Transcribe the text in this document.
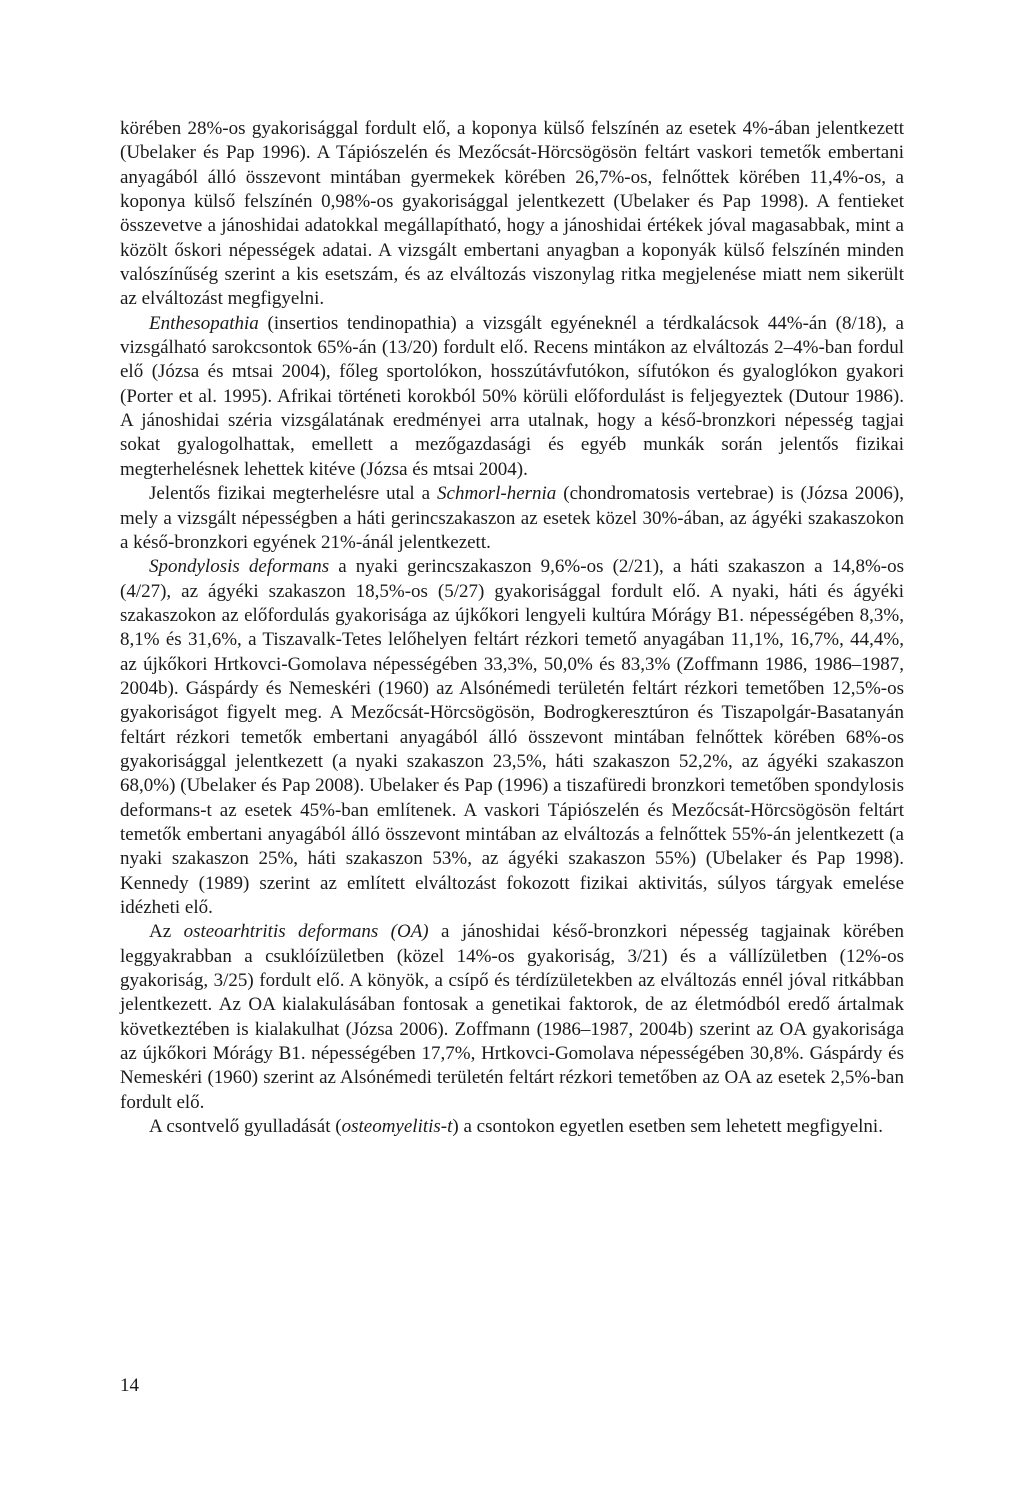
körében 28%-os gyakorisággal fordult elő, a koponya külső felszínén az esetek 4%-ában jelentkezett (Ubelaker és Pap 1996). A Tápiószelén és Mezőcsát-Hörcsögösön feltárt vaskori temetők embertani anyagából álló összevont mintában gyermekek körében 26,7%-os, felnőttek körében 11,4%-os, a koponya külső felszínén 0,98%-os gyakorisággal jelentkezett (Ubelaker és Pap 1998). A fentieket összevetve a jánoshidai adatokkal megállapítható, hogy a jánoshidai értékek jóval magasabbak, mint a közölt őskori népességek adatai. A vizsgált embertani anyagban a koponyák külső felszínén minden valószínűség szerint a kis esetszám, és az elváltozás viszonylag ritka megjelenése miatt nem sikerült az elváltozást megfigyelni.

Enthesopathia (insertios tendinopathia) a vizsgált egyéneknél a térdkalácsok 44%-án (8/18), a vizsgálható sarokcsontok 65%-án (13/20) fordult elő. Recens mintákon az elváltozás 2–4%-ban fordul elő (Józsa és mtsai 2004), főleg sportolókon, hosszútávfutókon, sífutókon és gyaloglókon gyakori (Porter et al. 1995). Afrikai történeti korokból 50% körüli előfordulást is feljegyeztek (Dutour 1986). A jánoshidai széria vizsgálatának eredményei arra utalnak, hogy a késő-bronzkori népesség tagjai sokat gyalogolhattak, emellett a mezőgazdasági és egyéb munkák során jelentős fizikai megterhelésnek lehettek kitéve (Józsa és mtsai 2004).

Jelentős fizikai megterhelésre utal a Schmorl-hernia (chondromatosis vertebrae) is (Józsa 2006), mely a vizsgált népességben a háti gerincszakaszon az esetek közel 30%-ában, az ágyéki szakaszokon a késő-bronzkori egyének 21%-ánál jelentkezett.

Spondylosis deformans a nyaki gerincszakaszon 9,6%-os (2/21), a háti szakaszon a 14,8%-os (4/27), az ágyéki szakaszon 18,5%-os (5/27) gyakorisággal fordult elő. A nyaki, háti és ágyéki szakaszokon az előfordulás gyakorisága az újkőkori lengyeli kultúra Mórágy B1. népességében 8,3%, 8,1% és 31,6%, a Tiszavalk-Tetes lelőhelyen feltárt rézkori temető anyagában 11,1%, 16,7%, 44,4%, az újkőkori Hrtkovci-Gomolava népességében 33,3%, 50,0% és 83,3% (Zoffmann 1986, 1986–1987, 2004b). Gáspárdy és Nemeskéri (1960) az Alsónémedi területén feltárt rézkori temetőben 12,5%-os gyakoriságot figyelt meg. A Mezőcsát-Hörcsögösön, Bodrogkeresztúron és Tiszapolgár-Basatanyán feltárt rézkori temetők embertani anyagából álló összevont mintában felnőttek körében 68%-os gyakorisággal jelentkezett (a nyaki szakaszon 23,5%, háti szakaszon 52,2%, az ágyéki szakaszon 68,0%) (Ubelaker és Pap 2008). Ubelaker és Pap (1996) a tiszafüredi bronzkori temetőben spondylosis deformans-t az esetek 45%-ban említenek. A vaskori Tápiószelén és Mezőcsát-Hörcsögösön feltárt temetők embertani anyagából álló összevont mintában az elváltozás a felnőttek 55%-án jelentkezett (a nyaki szakaszon 25%, háti szakaszon 53%, az ágyéki szakaszon 55%) (Ubelaker és Pap 1998). Kennedy (1989) szerint az említett elváltozást fokozott fizikai aktivitás, súlyos tárgyak emelése idézheti elő.

Az osteoarhtritis deformans (OA) a jánoshidai késő-bronzkori népesség tagjainak körében leggyakrabban a csuklóízületben (közel 14%-os gyakoriság, 3/21) és a vállízületben (12%-os gyakoriság, 3/25) fordult elő. A könyök, a csípő és térdízületekben az elváltozás ennél jóval ritkábban jelentkezett. Az OA kialakulásában fontosak a genetikai faktorok, de az életmódból eredő ártalmak következtében is kialakulhat (Józsa 2006). Zoffmann (1986–1987, 2004b) szerint az OA gyakorisága az újkőkori Mórágy B1. népességében 17,7%, Hrtkovci-Gomolava népességében 30,8%. Gáspárdy és Nemeskéri (1960) szerint az Alsónémedi területén feltárt rézkori temetőben az OA az esetek 2,5%-ban fordult elő.

A csontvelő gyulladását (osteomyelitis-t) a csontokon egyetlen esetben sem lehetett megfigyelni.

14
